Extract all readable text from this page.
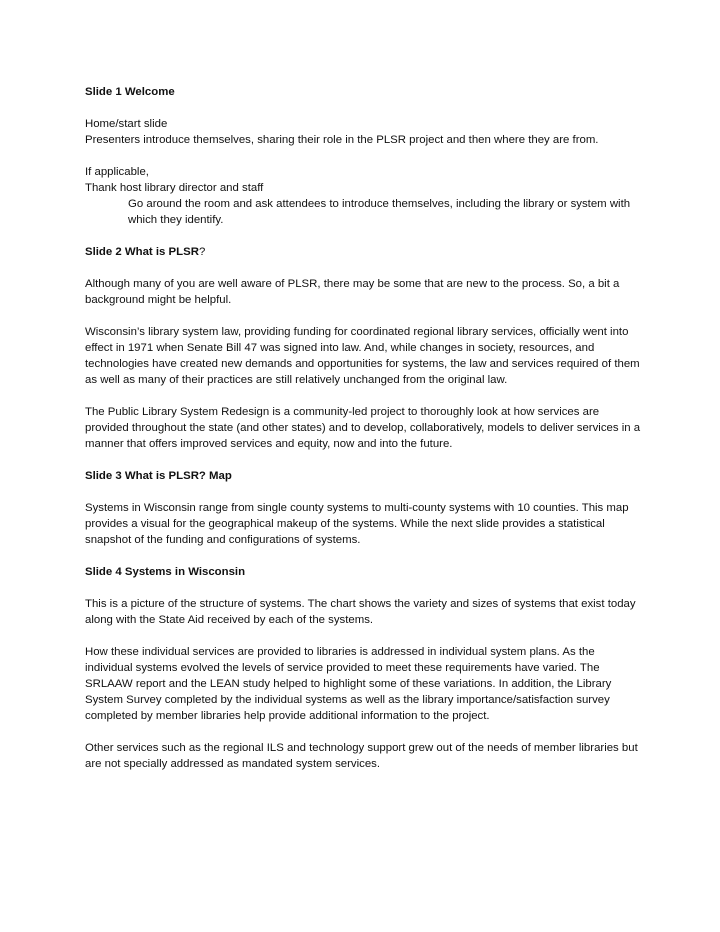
Slide 1 Welcome

Home/start slide
Presenters introduce themselves, sharing their role in the PLSR project and then where they are from.

If applicable,
Thank host library director and staff
Go around the room and ask attendees to introduce themselves, including the library or system with which they identify.

Slide 2 What is PLSR?

Although many of you are well aware of PLSR, there may be some that are new to the process. So, a bit a background might be helpful.

Wisconsin’s library system law, providing funding for coordinated regional library services, officially went into effect in 1971 when Senate Bill 47 was signed into law. And, while changes in society, resources, and technologies have created new demands and opportunities for systems, the law and services required of them as well as many of their practices are still relatively unchanged from the original law.

The Public Library System Redesign is a community-led project to thoroughly look at how services are provided throughout the state (and other states) and to develop, collaboratively, models to deliver services in a manner that offers improved services and equity, now and into the future.

Slide 3 What is PLSR? Map

Systems in Wisconsin range from single county systems to multi-county systems with 10 counties. This map provides a visual for the geographical makeup of the systems. While the next slide provides a statistical snapshot of the funding and configurations of systems.

Slide 4 Systems in Wisconsin

This is a picture of the structure of systems. The chart shows the variety and sizes of systems that exist today along with the State Aid received by each of the systems.

How these individual services are provided to libraries is addressed in individual system plans. As the individual systems evolved the levels of service provided to meet these requirements have varied. The SRLAAW report and the LEAN study helped to highlight some of these variations. In addition, the Library System Survey completed by the individual systems as well as the library importance/satisfaction survey completed by member libraries help provide additional information to the project.

Other services such as the regional ILS and technology support grew out of the needs of member libraries but are not specially addressed as mandated system services.
